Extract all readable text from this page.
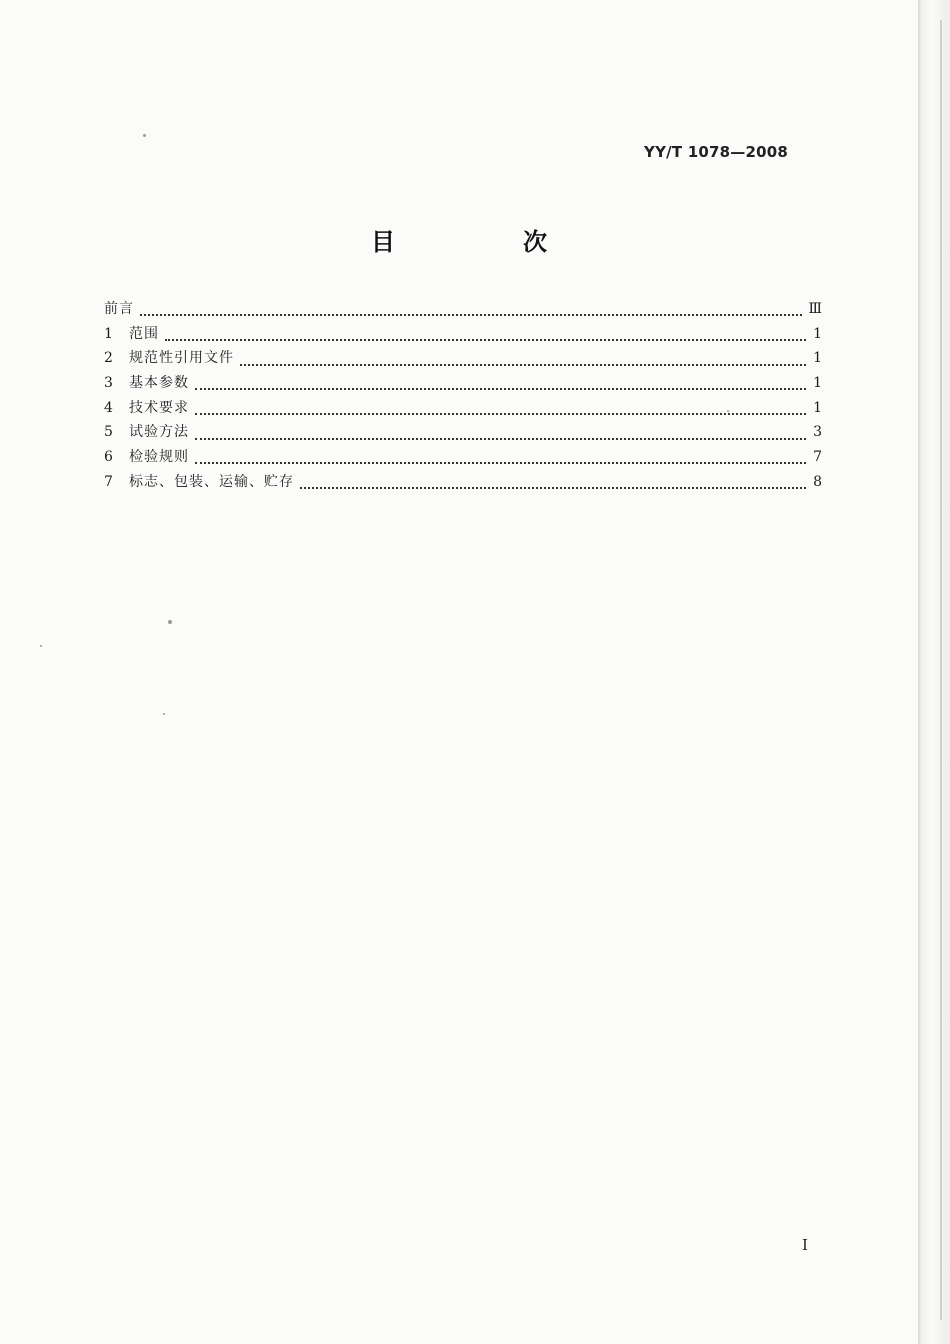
YY/T 1078—2008
目　次
前言	Ⅲ
1	范围	1
2	规范性引用文件	1
3	基本参数	1
4	技术要求	1
5	试验方法	3
6	检验规则	7
7	标志、包装、运输、贮存	8
I
